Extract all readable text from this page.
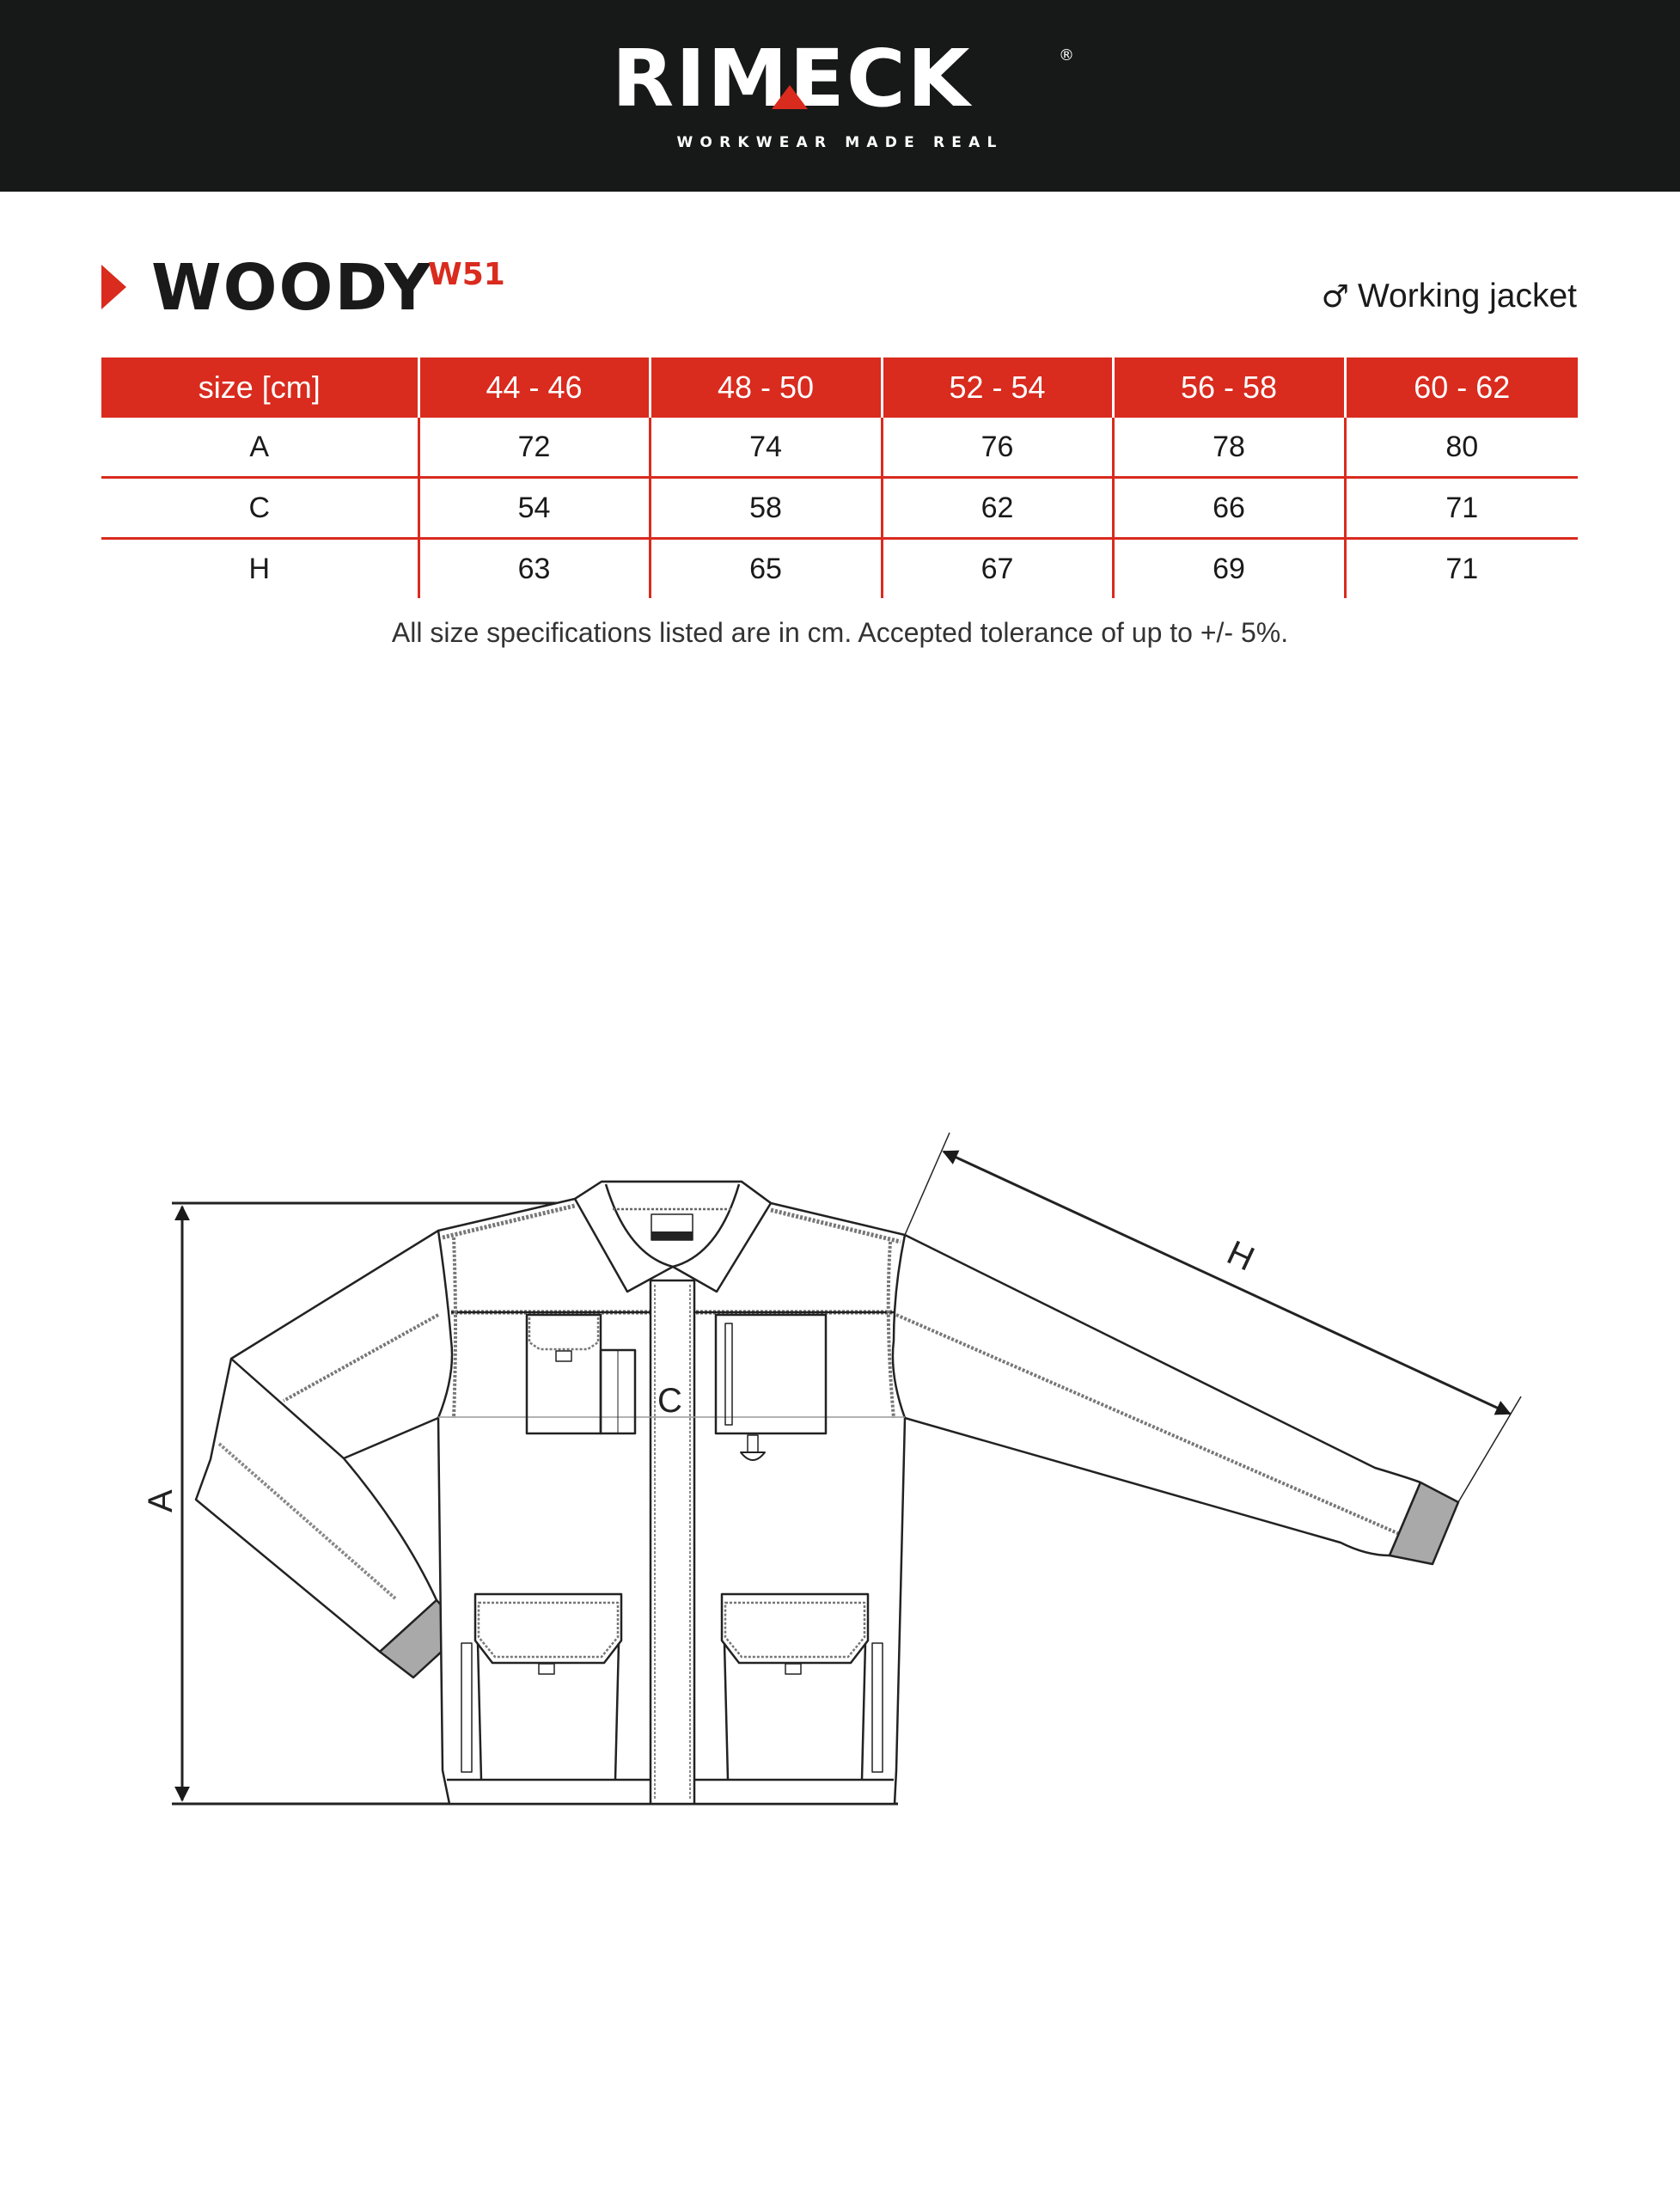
RIMECK	®
WORKWEAR MADE REAL
WOODY
W51
♂ Working jacket
size [cm]	44 - 46	48 - 50	52 - 54	56 - 58	60 - 62
A	72	74	76	78	80
C	54	58	62	66	71
H	63	65	67	69	71
All size specifications listed are in cm. Accepted tolerance of up to +/- 5%.
A
C
H
